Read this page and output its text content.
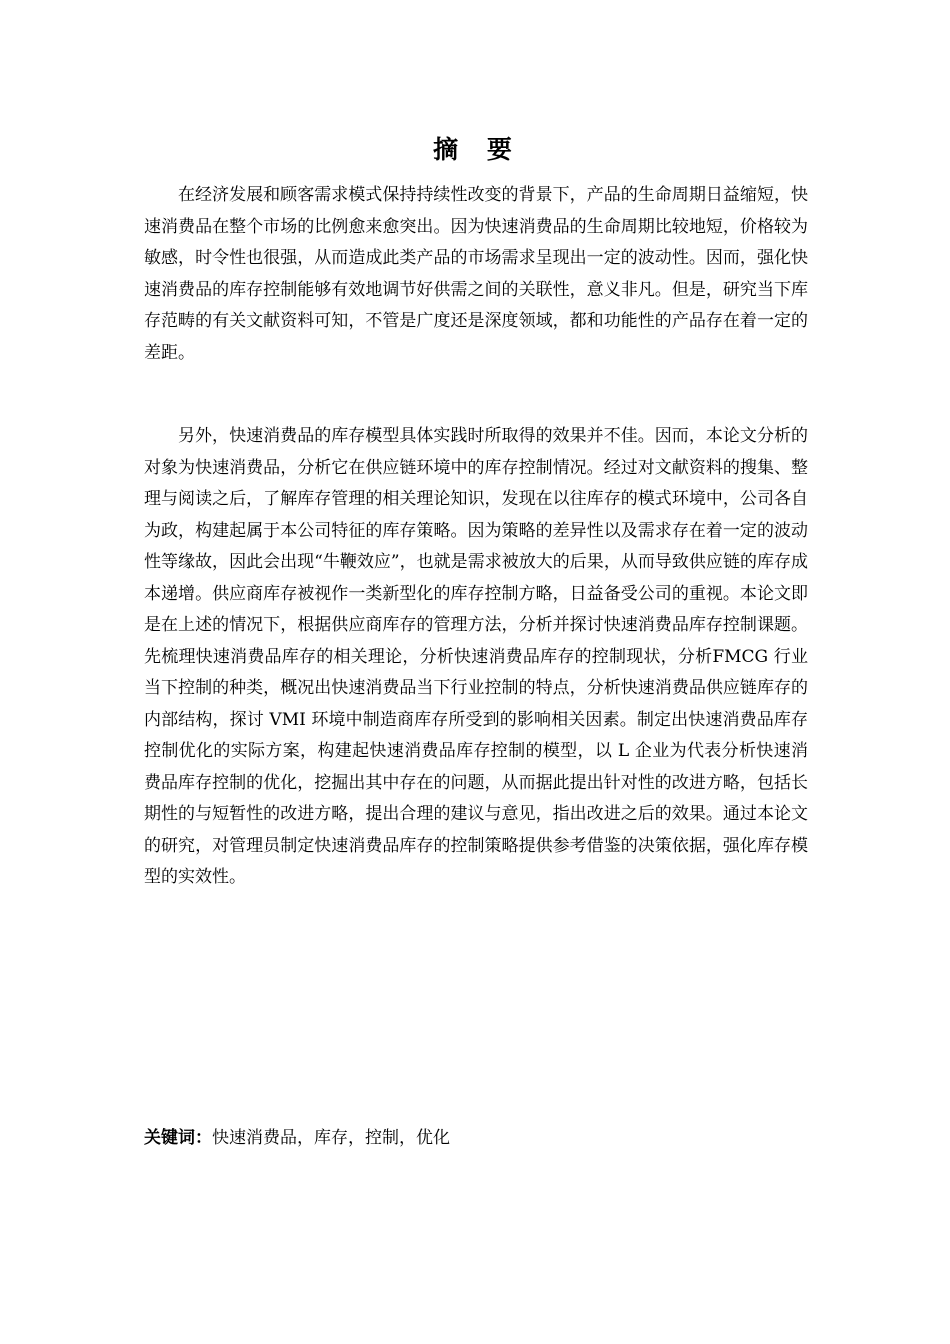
摘 要

在经济发展和顾客需求模式保持持续性改变的背景下，产品的生命周期日益缩短，快速消费品在整个市场的比例愈来愈突出。因为快速消费品的生命周期比较地短，价格较为敏感，时令性也很强，从而造成此类产品的市场需求呈现出一定的波动性。因而，强化快速消费品的库存控制能够有效地调节好供需之间的关联性，意义非凡。但是，研究当下库存范畴的有关文献资料可知，不管是广度还是深度领域，都和功能性的产品存在着一定的差距。

另外，快速消费品的库存模型具体实践时所取得的效果并不佳。因而，本论文分析的对象为快速消费品，分析它在供应链环境中的库存控制情况。经过对文献资料的搜集、整理与阅读之后，了解库存管理的相关理论知识，发现在以往库存的模式环境中，公司各自为政，构建起属于本公司特征的库存策略。因为策略的差异性以及需求存在着一定的波动性等缘故，因此会出现“牛鞭效应”，也就是需求被放大的后果，从而导致供应链的库存成本递增。供应商库存被视作一类新型化的库存控制方略，日益备受公司的重视。本论文即是在上述的情况下，根据供应商库存的管理方法，分析并探讨快速消费品库存控制课题。先梳理快速消费品库存的相关理论，分析快速消费品库存的控制现状，分析FMCG 行业当下控制的种类，概况出快速消费品当下行业控制的特点，分析快速消费品供应链库存的内部结构，探讨 VMI 环境中制造商库存所受到的影响相关因素。制定出快速消费品库存控制优化的实际方案，构建起快速消费品库存控制的模型，以 L 企业为代表分析快速消费品库存控制的优化，挖掘出其中存在的问题，从而据此提出针对性的改进方略，包括长期性的与短暂性的改进方略，提出合理的建议与意见，指出改进之后的效果。通过本论文的研究，对管理员制定快速消费品库存的控制策略提供参考借鉴的决策依据，强化库存模型的实效性。

关键词：快速消费品，库存，控制，优化
